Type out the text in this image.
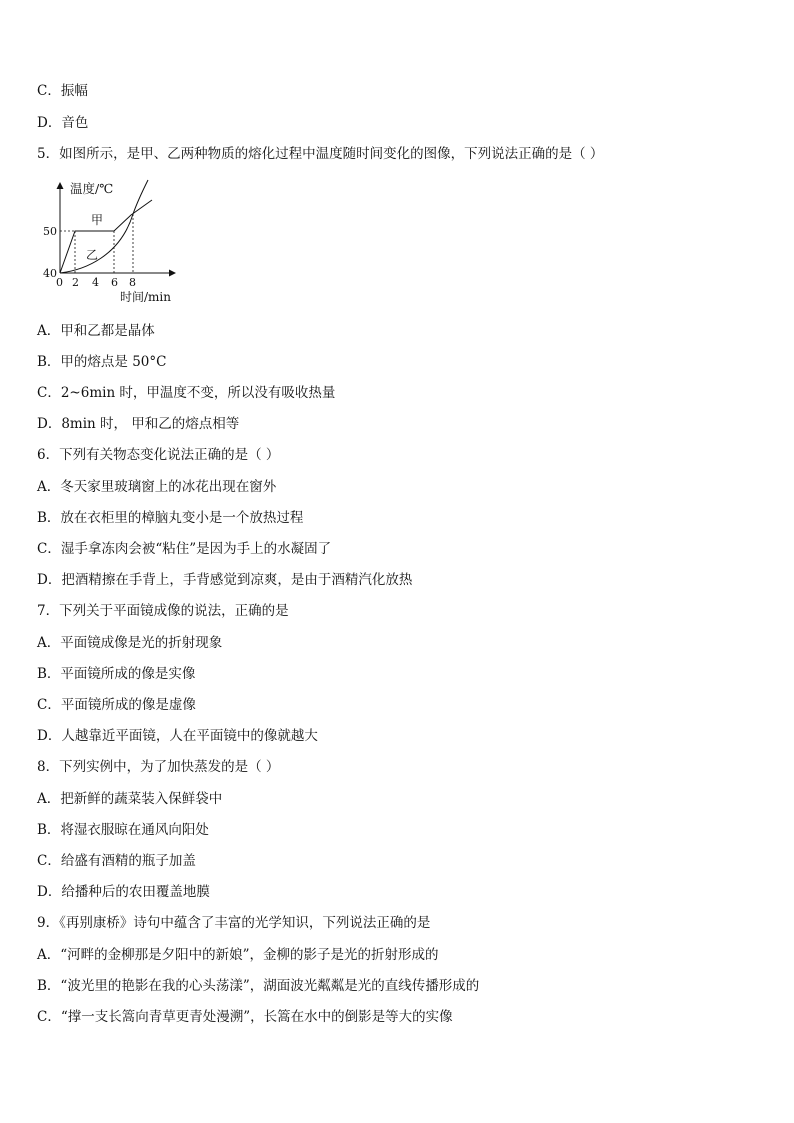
C．振幅
D．音色
5．如图所示，是甲、乙两种物质的熔化过程中温度随时间变化的图像，下列说法正确的是（ ）
温度/℃
甲
乙
50
40
0 2 4 6 8
时间/min
A．甲和乙都是晶体
B．甲的熔点是 50°C
C．2~6min 时，甲温度不变，所以没有吸收热量
D．8min 时， 甲和乙的熔点相等
6．下列有关物态变化说法正确的是（ ）
A．冬天家里玻璃窗上的冰花出现在窗外
B．放在衣柜里的樟脑丸变小是一个放热过程
C．湿手拿冻肉会被“粘住”是因为手上的水凝固了
D．把酒精擦在手背上，手背感觉到凉爽，是由于酒精汽化放热
7．下列关于平面镜成像的说法，正确的是
A．平面镜成像是光的折射现象
B．平面镜所成的像是实像
C．平面镜所成的像是虚像
D．人越靠近平面镜，人在平面镜中的像就越大
8．下列实例中，为了加快蒸发的是（ ）
A．把新鲜的蔬菜装入保鲜袋中
B．将湿衣服晾在通风向阳处
C．给盛有酒精的瓶子加盖
D．给播种后的农田覆盖地膜
9．《再别康桥》诗句中蕴含了丰富的光学知识，下列说法正确的是
A．“河畔的金柳那是夕阳中的新娘”，金柳的影子是光的折射形成的
B．“波光里的艳影在我的心头荡漾”，湖面波光粼粼是光的直线传播形成的
C．“撑一支长篙向青草更青处漫溯”，长篙在水中的倒影是等大的实像
